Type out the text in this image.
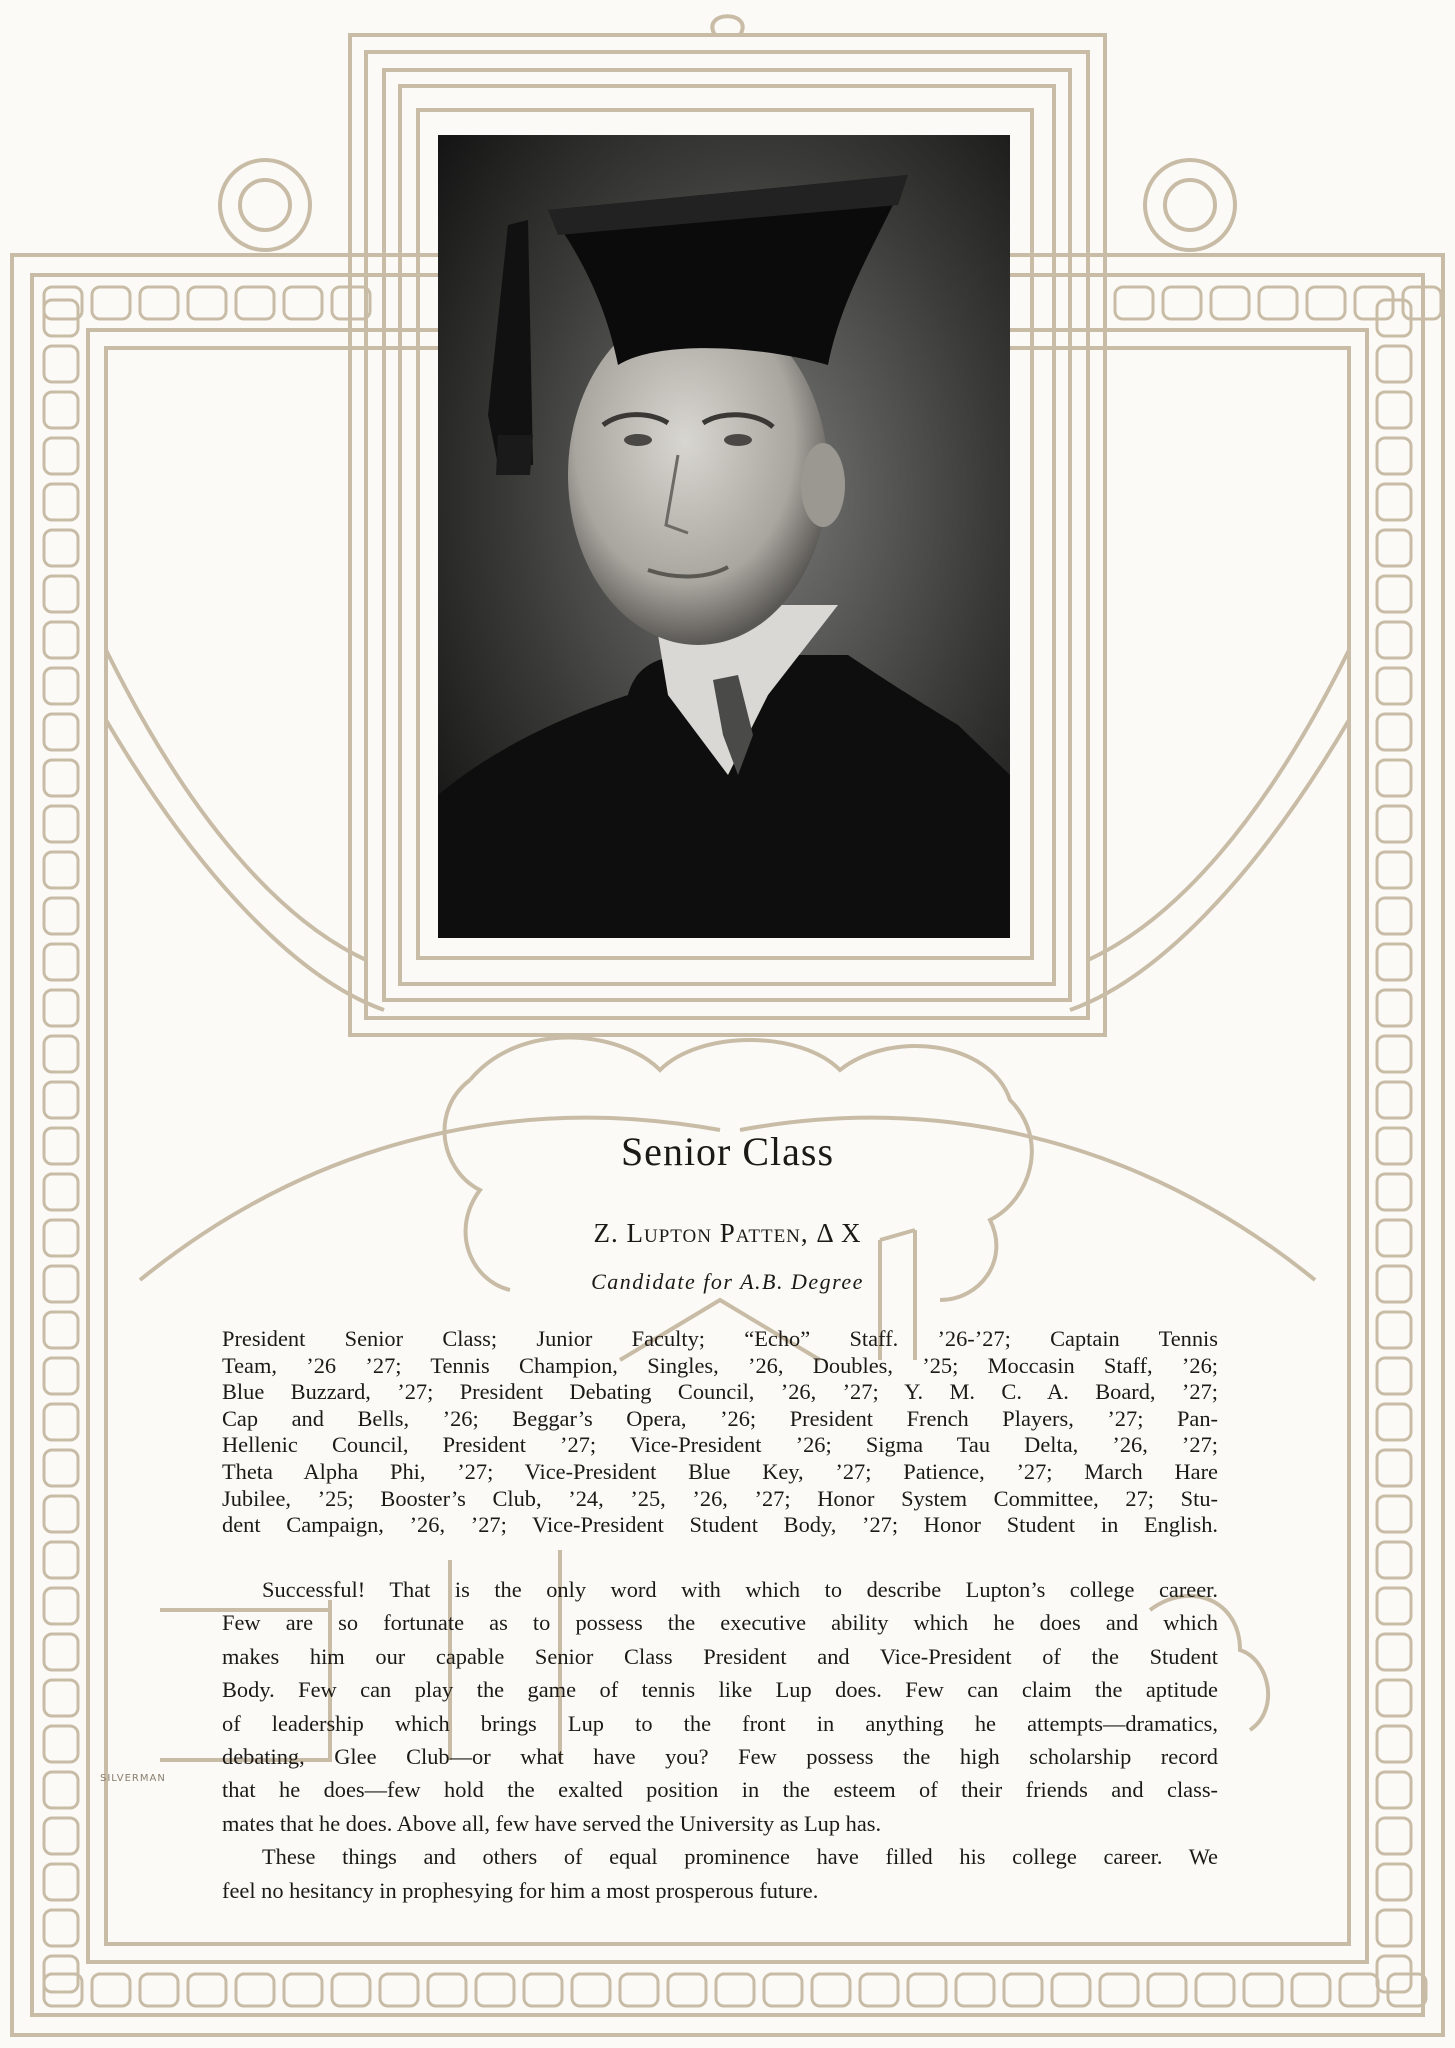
Senior Class
Z. Lupton Patten, Δ X
Candidate for A.B. Degree
President Senior Class; Junior Faculty; “Echo” Staff. ’26-’27; Captain Tennis
Team, ’26 ’27; Tennis Champion, Singles, ’26, Doubles, ’25; Moccasin Staff, ’26;
Blue Buzzard, ’27; President Debating Council, ’26, ’27; Y. M. C. A. Board, ’27;
Cap and Bells, ’26; Beggar’s Opera, ’26; President French Players, ’27; Pan-
Hellenic Council, President ’27; Vice-President ’26; Sigma Tau Delta, ’26, ’27;
Theta Alpha Phi, ’27; Vice-President Blue Key, ’27; Patience, ’27; March Hare
Jubilee, ’25; Booster’s Club, ’24, ’25, ’26, ’27; Honor System Committee, 27; Stu-
dent Campaign, ’26, ’27; Vice-President Student Body, ’27; Honor Student in English.
Successful! That is the only word with which to describe Lupton’s college career.
Few are so fortunate as to possess the executive ability which he does and which
makes him our capable Senior Class President and Vice-President of the Student
Body. Few can play the game of tennis like Lup does. Few can claim the aptitude
of leadership which brings Lup to the front in anything he attempts—dramatics,
debating, Glee Club—or what have you? Few possess the high scholarship record
that he does—few hold the exalted position in the esteem of their friends and class-
mates that he does. Above all, few have served the University as Lup has.
These things and others of equal prominence have filled his college career. We
feel no hesitancy in prophesying for him a most prosperous future.
SILVERMAN
